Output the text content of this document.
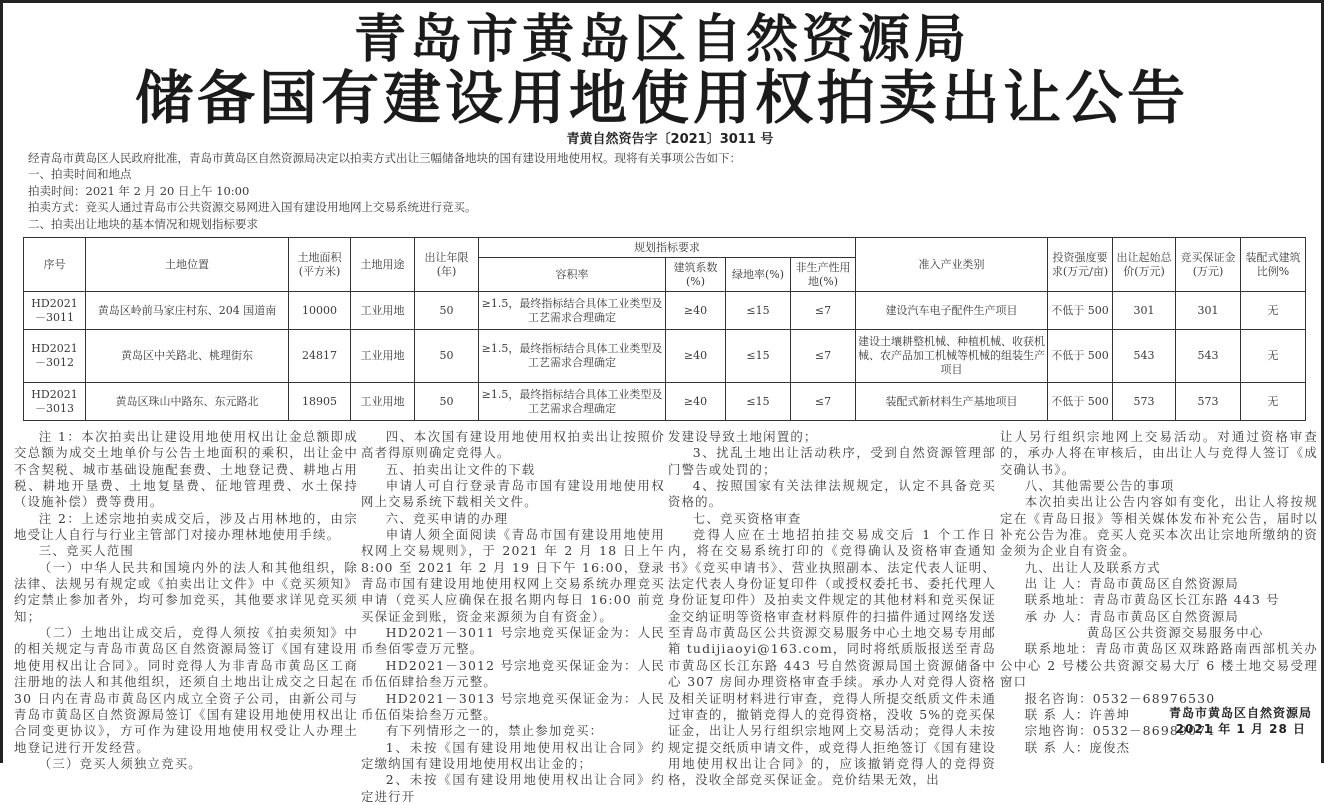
青岛市黄岛区自然资源局
储备国有建设用地使用权拍卖出让公告
青黄自然资告字〔2021〕3011 号
经青岛市黄岛区人民政府批准，青岛市黄岛区自然资源局决定以拍卖方式出让三幅储备地块的国有建设用地使用权。现将有关事项公告如下：
一、拍卖时间和地点
拍卖时间：2021 年 2 月 20 日上午 10:00
拍卖方式：竞买人通过青岛市公共资源交易网进入国有建设用地网上交易系统进行竞买。
二、拍卖出让地块的基本情况和规划指标要求
序号	土地位置	土地面积(平方米)	土地用途	出让年限(年)	规划指标要求				准入产业类别	投资强度要求(万元/亩)	出让起始总价(万元)	竞买保证金(万元)	装配式建筑比例%
					容积率	建筑系数(%)	绿地率(%)	非生产性用地(%)					
HD2021－3011	黄岛区岭前马家庄村东、204 国道南	10000	工业用地	50	≥1.5，最终指标结合具体工业类型及工艺需求合理确定	≥40	≤15	≤7	建设汽车电子配件生产项目	不低于 500	301	301	无
HD2021－3012	黄岛区中关路北、桃理街东	24817	工业用地	50	≥1.5，最终指标结合具体工业类型及工艺需求合理确定	≥40	≤15	≤7	建设土壤耕整机械、种植机械、收获机械、农产品加工机械等机械的组装生产项目	不低于 500	543	543	无
HD2021－3013	黄岛区珠山中路东、东元路北	18905	工业用地	50	≥1.5，最终指标结合具体工业类型及工艺需求合理确定	≥40	≤15	≤7	装配式新材料生产基地项目	不低于 500	573	573	无

注 1：本次拍卖出让建设用地使用权出让金总额即成交总额为成交土地单价与公告土地面积的乘积，出让金中不含契税、城市基础设施配套费、土地登记费、耕地占用税、耕地开垦费、土地复垦费、征地管理费、水土保持（设施补偿）费等费用。

注 2：上述宗地拍卖成交后，涉及占用林地的，由宗地受让人自行与行业主管部门对接办理林地使用手续。

三、竞买人范围

（一）中华人民共和国境内外的法人和其他组织，除法律、法规另有规定或《拍卖出让文件》中《竞买须知》约定禁止参加者外，均可参加竞买，其他要求详见竞买须知；

（二）土地出让成交后，竞得人须按《拍卖须知》中的相关规定与青岛市黄岛区自然资源局签订《国有建设用地使用权出让合同》。同时竞得人为非青岛市黄岛区工商注册地的法人和其他组织，还须自土地出让成交之日起在 30 日内在青岛市黄岛区内成立全资子公司，由新公司与青岛市黄岛区自然资源局签订《国有建设用地使用权出让合同变更协议》，方可作为建设用地使用权受让人办理土地登记进行开发经营。

（三）竞买人须独立竞买。

四、本次国有建设用地使用权拍卖出让按照价高者得原则确定竞得人。

五、拍卖出让文件的下载

申请人可自行登录青岛市国有建设用地使用权网上交易系统下载相关文件。

六、竞买申请的办理

申请人须全面阅读《青岛市国有建设用地使用权网上交易规则》，于 2021 年 2 月 18 日上午 8:00 至 2021 年 2 月 19 日下午 16:00，登录青岛市国有建设用地使用权网上交易系统办理竞买申请（竞买人应确保在报名期内每日 16:00 前竞买保证金到账，资金来源须为自有资金）。

HD2021－3011 号宗地竞买保证金为：人民币叁佰零壹万元整。

HD2021－3012 号宗地竞买保证金为：人民币伍佰肆拾叁万元整。

HD2021－3013 号宗地竞买保证金为：人民币伍佰柒拾叁万元整。

有下列情形之一的，禁止参加竞买：

1、未按《国有建设用地使用权出让合同》约定缴纳国有建设用地使用权出让金的；

2、未按《国有建设用地使用权出让合同》约定进行开

发建设导致土地闲置的；

3、扰乱土地出让活动秩序，受到自然资源管理部门警告或处罚的；

4、按照国家有关法律法规规定，认定不具备竞买资格的。

七、竞买资格审查

竞得人应在土地招拍挂交易成交后 1 个工作日内，将在交易系统打印的《竞得确认及资格审查通知书》《竞买申请书》、营业执照副本、法定代表人证明、法定代表人身份证复印件（或授权委托书、委托代理人身份证复印件）及拍卖文件规定的其他材料和竞买保证金交纳证明等资格审查材料原件的扫描件通过网络发送至青岛市黄岛区公共资源交易服务中心土地交易专用邮箱 tudijiaoyi@163.com，同时将纸质版报送至青岛市黄岛区长江东路 443 号自然资源局国土资源储备中心 307 房间办理资格审查手续。承办人对竞得人资格及相关证明材料进行审查，竞得人所提交纸质文件未通过审查的，撤销竞得人的竞得资格，没收 5%的竞买保证金，出让人另行组织宗地网上交易活动；竞得人未按规定提交纸质申请文件，或竞得人拒绝签订《国有建设用地使用权出让合同》的，应该撤销竞得人的竞得资格，没收全部竞买保证金。竞价结果无效，出

让人另行组织宗地网上交易活动。对通过资格审查的，承办人将在审核后，由出让人与竞得人签订《成交确认书》。

八、其他需要公告的事项

本次拍卖出让公告内容如有变化，出让人将按规定在《青岛日报》等相关媒体发布补充公告，届时以补充公告为准。竞买人竞买本次出让宗地所缴纳的资金须为企业自有资金。

九、出让人及联系方式

出 让 人：青岛市黄岛区自然资源局

联系地址：青岛市黄岛区长江东路 443 号

承 办 人：青岛市黄岛区自然资源局

黄岛区公共资源交易服务中心

联系地址：青岛市黄岛区双珠路路南西部机关办公中心 2 号楼公共资源交易大厅 6 楼土地交易受理窗口

报名咨询：0532－68976530

联 系 人：许善坤

宗地咨询：0532－86989074

联 系 人：庞俊杰

青岛市黄岛区自然资源局
2021 年 1 月 28 日
